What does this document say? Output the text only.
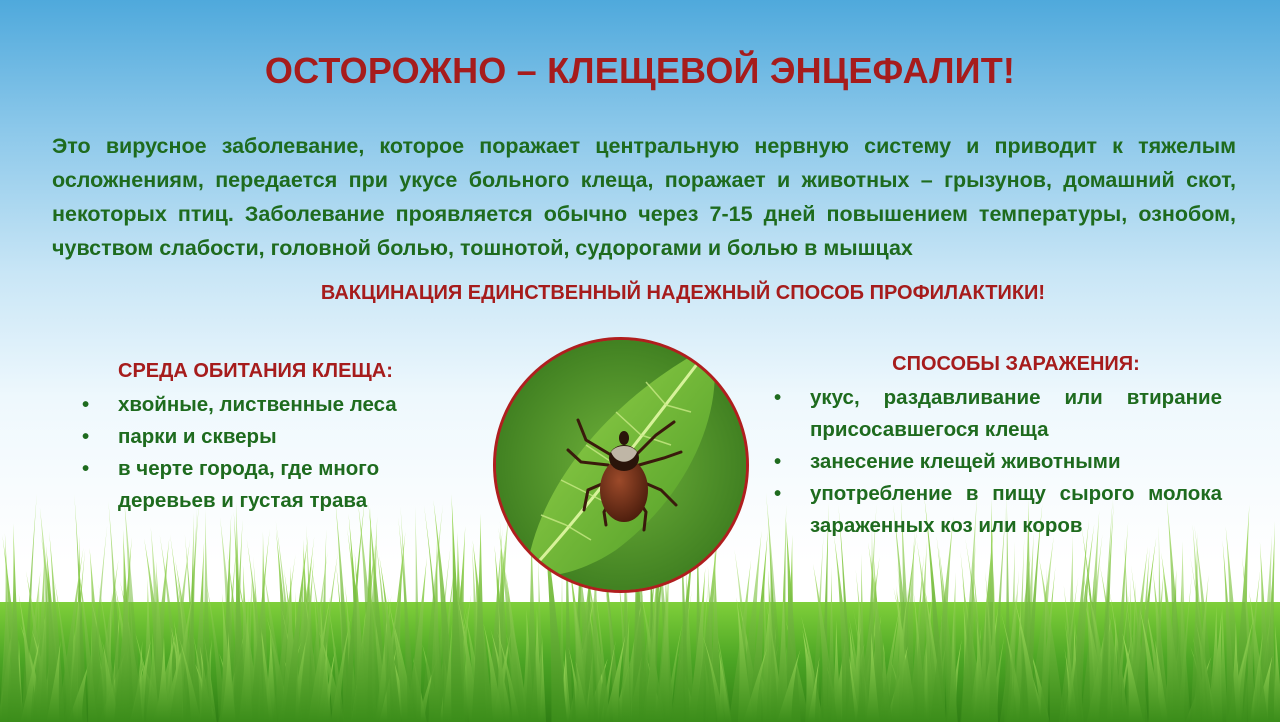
ОСТОРОЖНО – КЛЕЩЕВОЙ ЭНЦЕФАЛИТ!
Это вирусное заболевание, которое поражает центральную нервную систему и приводит к тяжелым осложнениям, передается при укусе больного клеща, поражает и животных – грызунов, домашний скот, некоторых птиц. Заболевание проявляется обычно через 7-15 дней повышением температуры, ознобом, чувством слабости, головной болью, тошнотой, судорогами и болью в мышцах
ВАКЦИНАЦИЯ ЕДИНСТВЕННЫЙ НАДЕЖНЫЙ СПОСОБ ПРОФИЛАКТИКИ!
СРЕДА ОБИТАНИЯ КЛЕЩА:
• хвойные, лиственные леса
• парки и скверы
• в черте города, где много деревьев и густая трава
СПОСОБЫ ЗАРАЖЕНИЯ:
• укус, раздавливание или втирание присосавшегося клеща
• занесение клещей животными
• употребление в пищу сырого молока зараженных коз или коров
